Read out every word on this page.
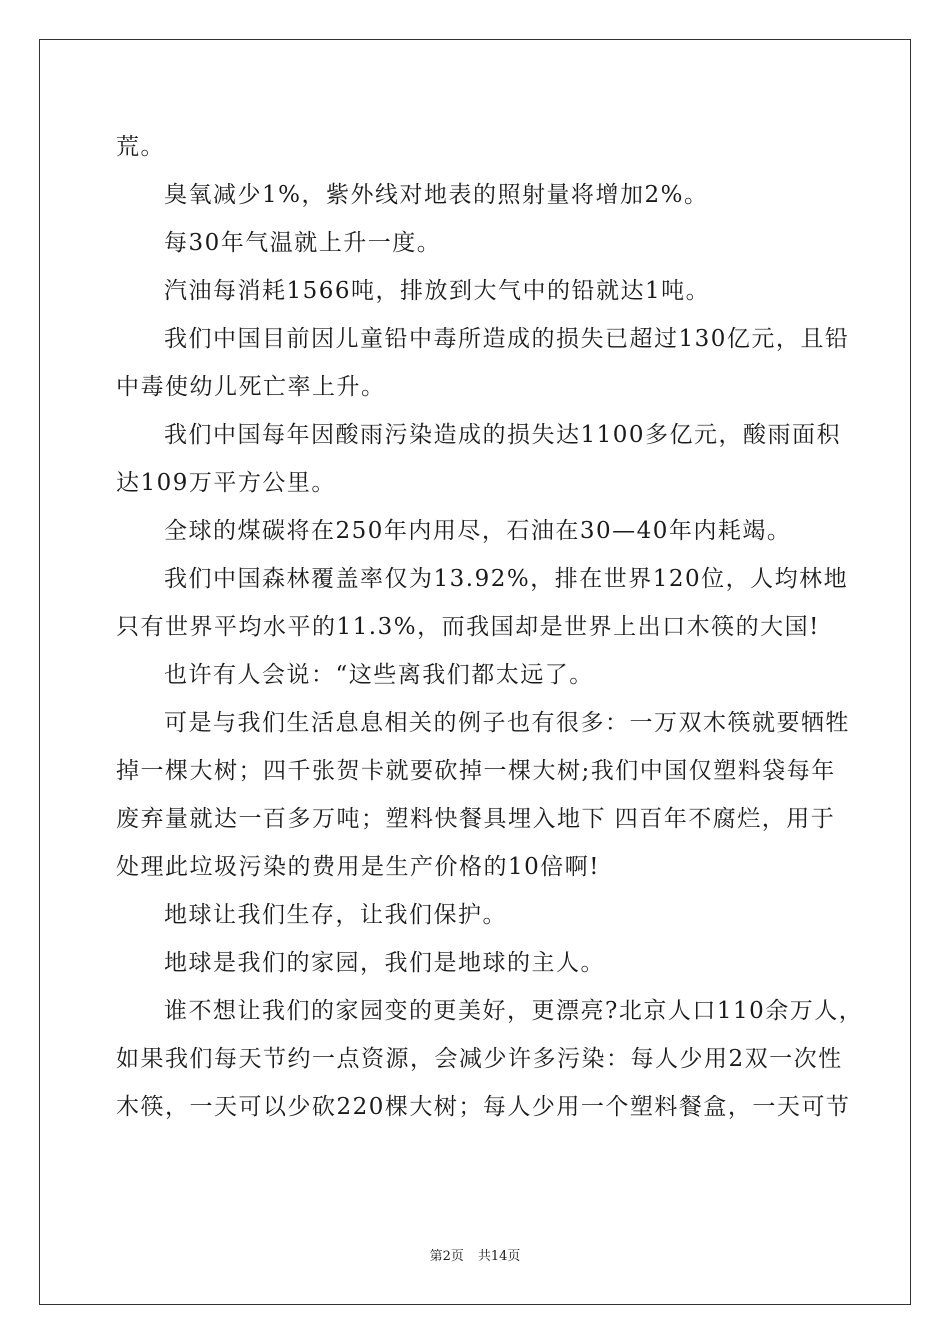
荒。
臭氧减少1%，紫外线对地表的照射量将增加2%。
每30年气温就上升一度。
汽油每消耗1566吨，排放到大气中的铅就达1吨。
我们中国目前因儿童铅中毒所造成的损失已超过130亿元，且铅
中毒使幼儿死亡率上升。
我们中国每年因酸雨污染造成的损失达1100多亿元，酸雨面积
达109万平方公里。
全球的煤碳将在250年内用尽，石油在30—40年内耗竭。
我们中国森林覆盖率仅为13.92%，排在世界120位，人均林地
只有世界平均水平的11.3%，而我国却是世界上出口木筷的大国!
也许有人会说：“这些离我们都太远了。
可是与我们生活息息相关的例子也有很多：一万双木筷就要牺牲
掉一棵大树；四千张贺卡就要砍掉一棵大树;我们中国仅塑料袋每年
废弃量就达一百多万吨；塑料快餐具埋入地下 四百年不腐烂，用于
处理此垃圾污染的费用是生产价格的10倍啊!
地球让我们生存，让我们保护。
地球是我们的家园，我们是地球的主人。
谁不想让我们的家园变的更美好，更漂亮?北京人口110余万人，
如果我们每天节约一点资源，会减少许多污染：每人少用2双一次性
木筷，一天可以少砍220棵大树；每人少用一个塑料餐盒，一天可节
第2页 共14页
